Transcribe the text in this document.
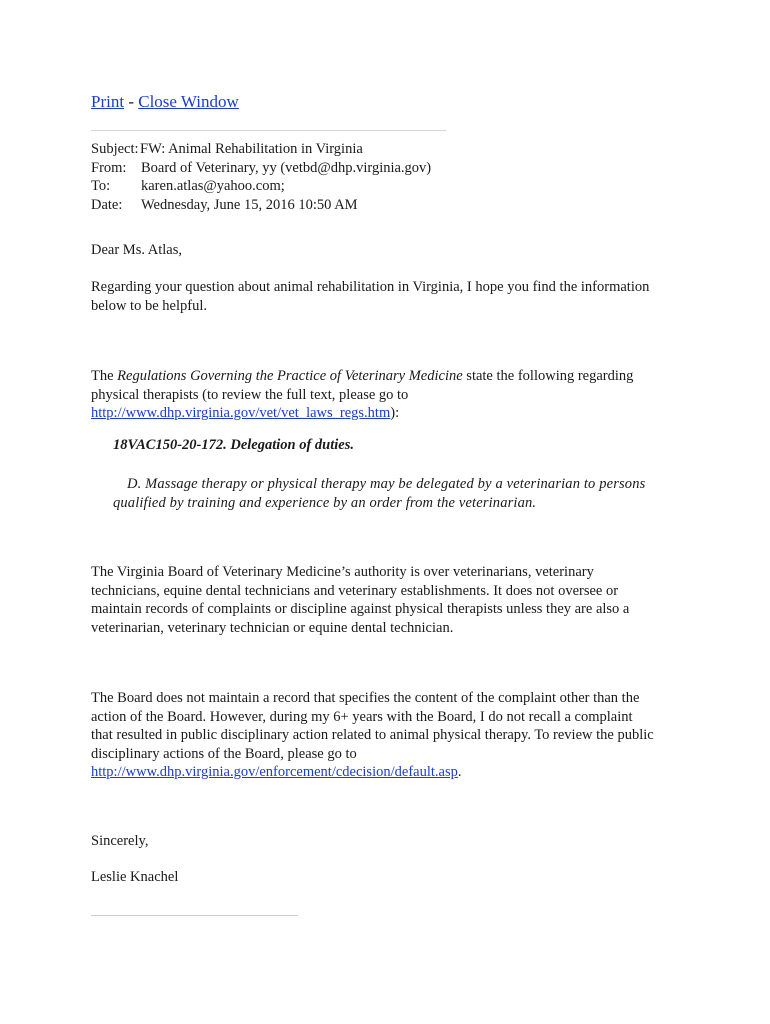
Print - Close Window
Subject: FW: Animal Rehabilitation in Virginia
From:	Board of Veterinary, yy (vetbd@dhp.virginia.gov)
To:	karen.atlas@yahoo.com;
Date:	Wednesday, June 15, 2016 10:50 AM
Dear Ms. Atlas,
Regarding your question about animal rehabilitation in Virginia, I hope you find the information
below to be helpful.
The Regulations Governing the Practice of Veterinary Medicine state the following regarding
physical therapists (to review the full text, please go to
http://www.dhp.virginia.gov/vet/vet_laws_regs.htm):
18VAC150-20-172. Delegation of duties.
D. Massage therapy or physical therapy may be delegated by a veterinarian to persons
qualified by training and experience by an order from the veterinarian.
The Virginia Board of Veterinary Medicine’s authority is over veterinarians, veterinary
technicians, equine dental technicians and veterinary establishments. It does not oversee or
maintain records of complaints or discipline against physical therapists unless they are also a
veterinarian, veterinary technician or equine dental technician.
The Board does not maintain a record that specifies the content of the complaint other than the
action of the Board. However, during my 6+ years with the Board, I do not recall a complaint
that resulted in public disciplinary action related to animal physical therapy. To review the public
disciplinary actions of the Board, please go to
http://www.dhp.virginia.gov/enforcement/cdecision/default.asp.
Sincerely,
Leslie Knachel
